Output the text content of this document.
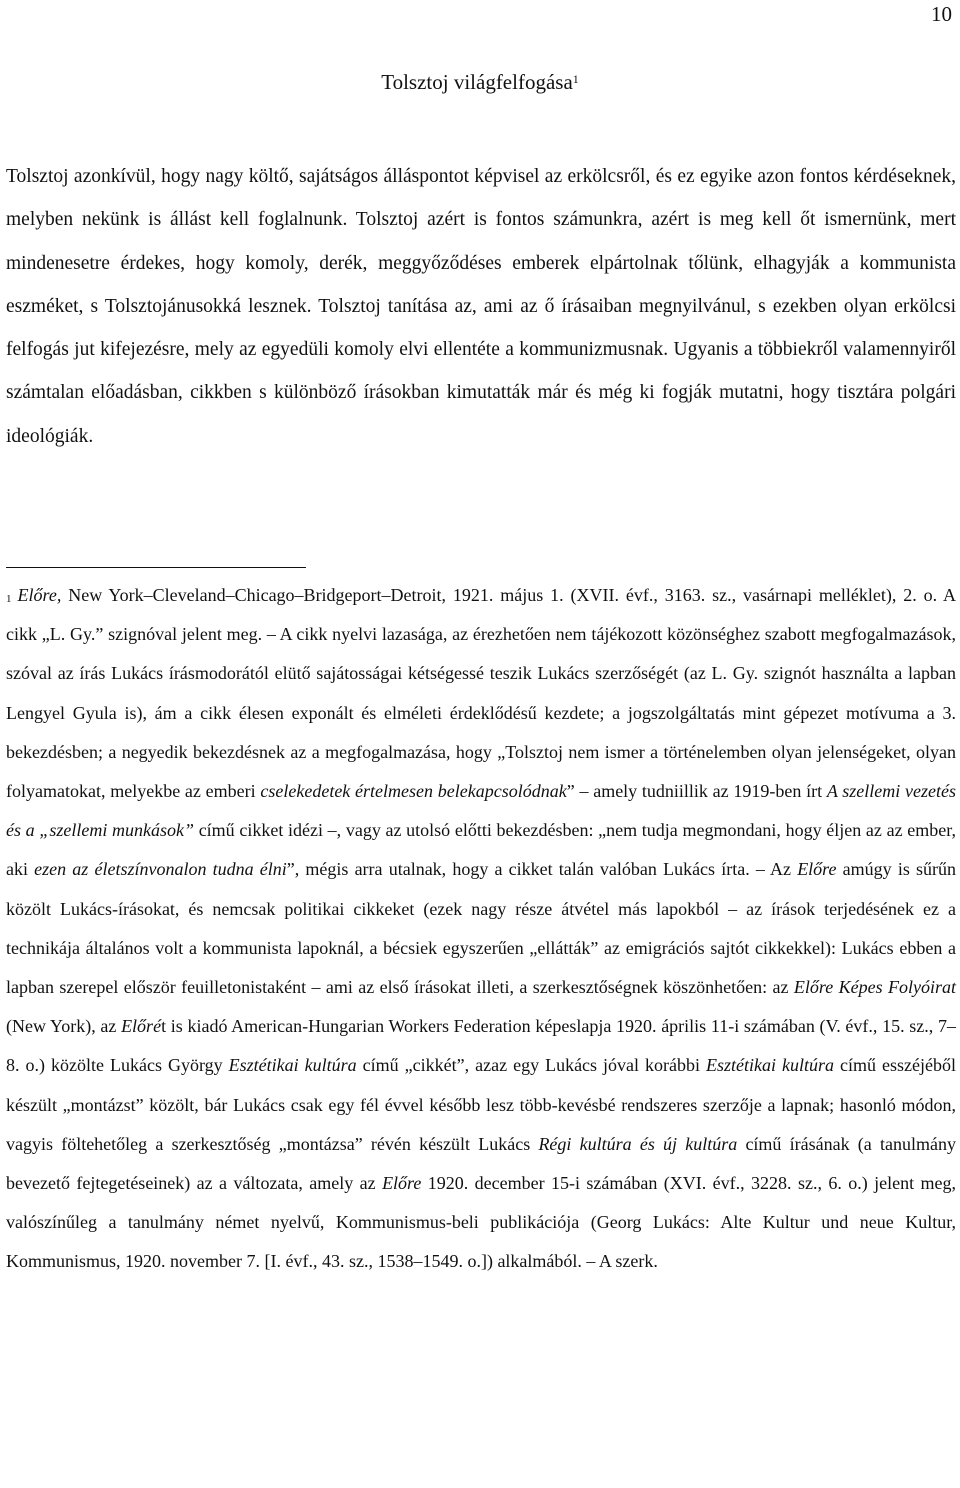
10
Tolsztoj világfelfogása$^1$

Tolsztoj azonkívül, hogy nagy költő, sajátságos álláspontot képvisel az erkölcsről, és ez egyike azon fontos kérdéseknek, melyben nekünk is állást kell foglalnunk. Tolsztoj azért is fontos számunkra, azért is meg kell őt ismernünk, mert mindenesetre érdekes, hogy komoly, derék, meggyőződéses emberek elpártolnak tőlünk, elhagyják a kommunista eszméket, s Tolsztojánusokká lesznek. Tolsztoj tanítása az, ami az ő írásaiban megnyilvánul, s ezekben olyan erkölcsi felfogás jut kifejezésre, mely az egyedüli komoly elvi ellentéte a kommunizmusnak. Ugyanis a többiekről valamennyiről számtalan előadásban, cikkben s különböző írásokban kimutatták már és még ki fogják mutatni, hogy tisztára polgári ideológiák.

$^1$ Előre, New York–Cleveland–Chicago–Bridgeport–Detroit, 1921. május 1. (XVII. évf., 3163. sz., vasárnapi melléklet), 2. o. A cikk „L. Gy.” szignóval jelent meg. – A cikk nyelvi lazasága, az érezhetően nem tájékozott közönséghez szabott megfogalmazások, szóval az írás Lukács írásmodorától elütő sajátosságai kétségessé teszik Lukács szerzőségét (az L. Gy. szignót használta a lapban Lengyel Gyula is), ám a cikk élesen exponált és elméleti érdeklődésű kezdete; a jogszolgáltatás mint gépezet motívuma a 3. bekezdésben; a negyedik bekezdésnek az a megfogalmazása, hogy „Tolsztoj nem ismer a történelemben olyan jelenségeket, olyan folyamatokat, melyekbe az emberi cselekedetek értelmesen belekapcsolódnak” – amely tudniillik az 1919-ben írt A szellemi vezetés és a „szellemi munkások” című cikket idézi –, vagy az utolsó előtti bekezdésben: „nem tudja megmondani, hogy éljen az az ember, aki ezen az életszínvonalon tudna élni”, mégis arra utalnak, hogy a cikket talán valóban Lukács írta. – Az Előre amúgy is sűrűn közölt Lukács-írásokat, és nemcsak politikai cikkeket (ezek nagy része átvétel más lapokból – az írások terjedésének ez a technikája általános volt a kommunista lapoknál, a bécsiek egyszerűen „ellátták” az emigrációs sajtót cikkekkel): Lukács ebben a lapban szerepel először feuilletonistaként – ami az első írásokat illeti, a szerkesztőségnek köszönhetően: az Előre Képes Folyóirat (New York), az Előrét is kiadó American-Hungarian Workers Federation képeslapja 1920. április 11-i számában (V. évf., 15. sz., 7–8. o.) közölte Lukács György Esztétikai kultúra című „cikkét”, azaz egy Lukács jóval korábbi Esztétikai kultúra című esszéjéből készült „montázst” közölt, bár Lukács csak egy fél évvel később lesz több-kevésbé rendszeres szerzője a lapnak; hasonló módon, vagyis föltehetőleg a szerkesztőség „montázsa” révén készült Lukács Régi kultúra és új kultúra című írásának (a tanulmány bevezető fejtegetéseinek) az a változata, amely az Előre 1920. december 15-i számában (XVI. évf., 3228. sz., 6. o.) jelent meg, valószínűleg a tanulmány német nyelvű, Kommunismus-beli publikációja (Georg Lukács: Alte Kultur und neue Kultur, Kommunismus, 1920. november 7. [I. évf., 43. sz., 1538–1549. o.]) alkalmából. – A szerk.
